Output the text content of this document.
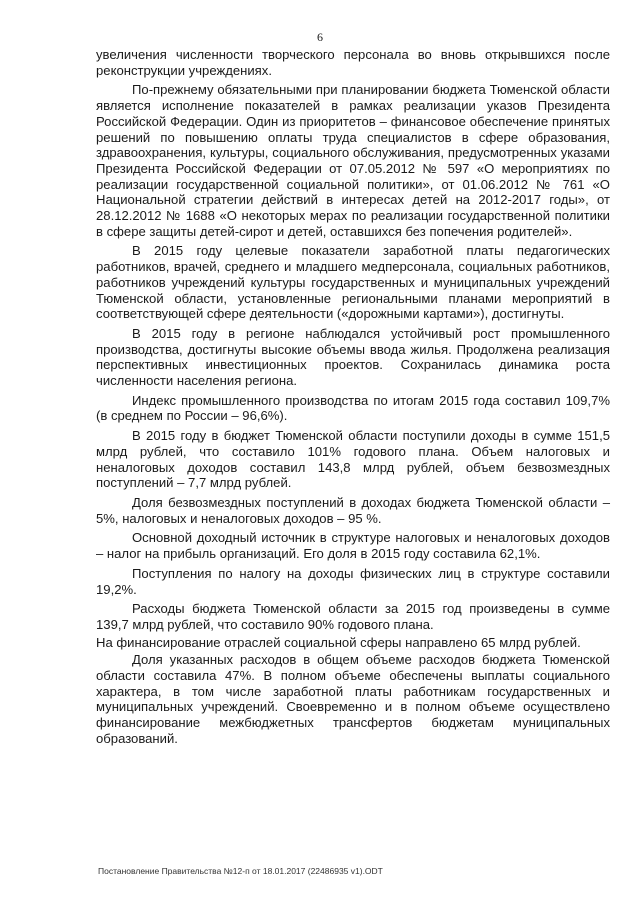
6

увеличения численности творческого персонала во вновь открывшихся после реконструкции учреждениях.

По-прежнему обязательными при планировании бюджета Тюменской области является исполнение показателей в рамках реализации указов Президента Российской Федерации. Один из приоритетов – финансовое обеспечение принятых решений по повышению оплаты труда специалистов в сфере образования, здравоохранения, культуры, социального обслуживания, предусмотренных указами Президента Российской Федерации от 07.05.2012 № 597 «О мероприятиях по реализации государственной социальной политики», от 01.06.2012 № 761 «О Национальной стратегии действий в интересах детей на 2012-2017 годы», от 28.12.2012 № 1688 «О некоторых мерах по реализации государственной политики в сфере защиты детей-сирот и детей, оставшихся без попечения родителей».

В 2015 году целевые показатели заработной платы педагогических работников, врачей, среднего и младшего медперсонала, социальных работников, работников учреждений культуры государственных и муниципальных учреждений Тюменской области, установленные региональными планами мероприятий в соответствующей сфере деятельности («дорожными картами»), достигнуты.

В 2015 году в регионе наблюдался устойчивый рост промышленного производства, достигнуты высокие объемы ввода жилья. Продолжена реализация перспективных инвестиционных проектов. Сохранилась динамика роста численности населения региона.

Индекс промышленного производства по итогам 2015 года составил 109,7% (в среднем по России – 96,6%).

В 2015 году в бюджет Тюменской области поступили доходы в сумме 151,5 млрд рублей, что составило 101% годового плана. Объем налоговых и неналоговых доходов составил 143,8 млрд рублей, объем безвозмездных поступлений – 7,7 млрд рублей.

Доля безвозмездных поступлений в доходах бюджета Тюменской области – 5%, налоговых и неналоговых доходов – 95 %.

Основной доходный источник в структуре налоговых и неналоговых доходов – налог на прибыль организаций. Его доля в 2015 году составила 62,1%.

Поступления по налогу на доходы физических лиц в структуре составили 19,2%.

Расходы бюджета Тюменской области за 2015 год произведены в сумме 139,7 млрд рублей, что составило 90% годового плана.

На финансирование отраслей социальной сферы направлено 65 млрд рублей.

Доля указанных расходов в общем объеме расходов бюджета Тюменской области составила 47%. В полном объеме обеспечены выплаты социального характера, в том числе заработной платы работникам государственных и муниципальных учреждений. Своевременно и в полном объеме осуществлено финансирование межбюджетных трансфертов бюджетам муниципальных образований.

Постановление Правительства №12-п от 18.01.2017 (22486935 v1).ODT
